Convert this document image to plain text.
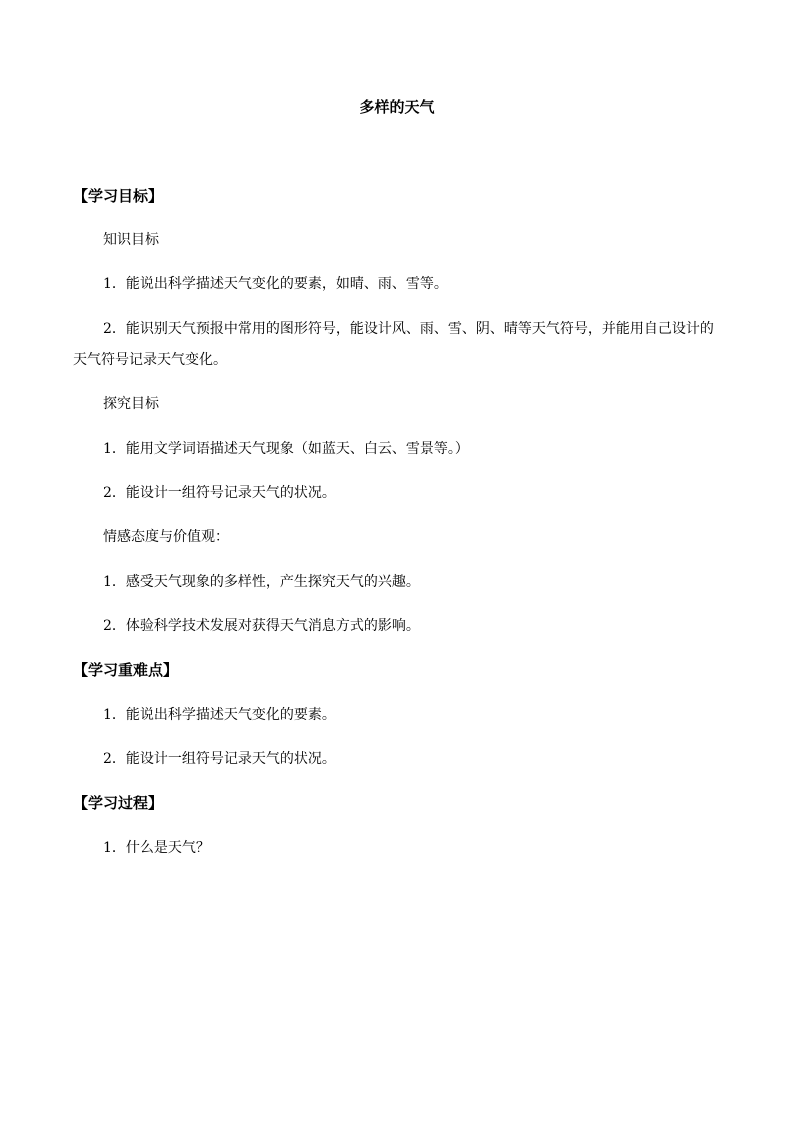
多样的天气
【学习目标】

知识目标

1．能说出科学描述天气变化的要素，如晴、雨、雪等。

2．能识别天气预报中常用的图形符号，能设计风、雨、雪、阴、晴等天气符号，并能用自己设计的天气符号记录天气变化。

探究目标

1．能用文学词语描述天气现象（如蓝天、白云、雪景等。）

2．能设计一组符号记录天气的状况。

情感态度与价值观：

1．感受天气现象的多样性，产生探究天气的兴趣。

2．体验科学技术发展对获得天气消息方式的影响。

【学习重难点】

1．能说出科学描述天气变化的要素。

2．能设计一组符号记录天气的状况。

【学习过程】

1．什么是天气？
